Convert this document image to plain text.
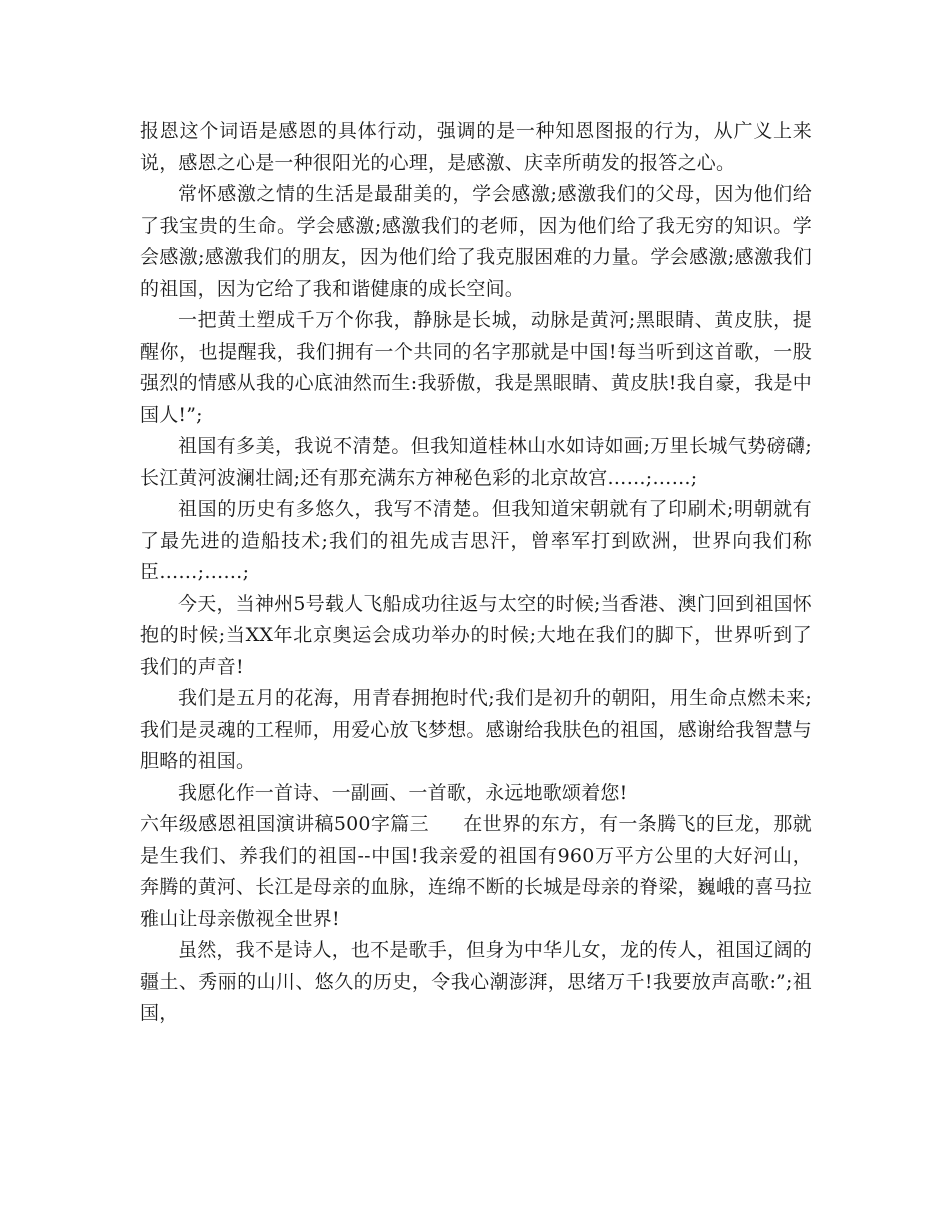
报恩这个词语是感恩的具体行动，强调的是一种知恩图报的行为，从广义上来说，感恩之心是一种很阳光的心理，是感激、庆幸所萌发的报答之心。

常怀感激之情的生活是最甜美的，学会感激;感激我们的父母，因为他们给了我宝贵的生命。学会感激;感激我们的老师，因为他们给了我无穷的知识。学会感激;感激我们的朋友，因为他们给了我克服困难的力量。学会感激;感激我们的祖国，因为它给了我和谐健康的成长空间。

一把黄土塑成千万个你我，静脉是长城，动脉是黄河;黑眼睛、黄皮肤，提醒你，也提醒我，我们拥有一个共同的名字那就是中国!每当听到这首歌，一股强烈的情感从我的心底油然而生:我骄傲，我是黑眼睛、黄皮肤!我自豪，我是中国人!”;

祖国有多美，我说不清楚。但我知道桂林山水如诗如画;万里长城气势磅礴;长江黄河波澜壮阔;还有那充满东方神秘色彩的北京故宫……;……;

祖国的历史有多悠久，我写不清楚。但我知道宋朝就有了印刷术;明朝就有了最先进的造船技术;我们的祖先成吉思汗，曾率军打到欧洲，世界向我们称臣……;……;

今天，当神州5号载人飞船成功往返与太空的时候;当香港、澳门回到祖国怀抱的时候;当XX年北京奥运会成功举办的时候;大地在我们的脚下，世界听到了我们的声音!

我们是五月的花海，用青春拥抱时代;我们是初升的朝阳，用生命点燃未来;我们是灵魂的工程师，用爱心放飞梦想。感谢给我肤色的祖国，感谢给我智慧与胆略的祖国。

我愿化作一首诗、一副画、一首歌，永远地歌颂着您!

六年级感恩祖国演讲稿500字篇三 在世界的东方，有一条腾飞的巨龙，那就是生我们、养我们的祖国--中国!我亲爱的祖国有960万平方公里的大好河山，奔腾的黄河、长江是母亲的血脉，连绵不断的长城是母亲的脊梁，巍峨的喜马拉雅山让母亲傲视全世界!

虽然，我不是诗人，也不是歌手，但身为中华儿女，龙的传人，祖国辽阔的疆土、秀丽的山川、悠久的历史，令我心潮澎湃，思绪万千!我要放声高歌:”;祖国，
